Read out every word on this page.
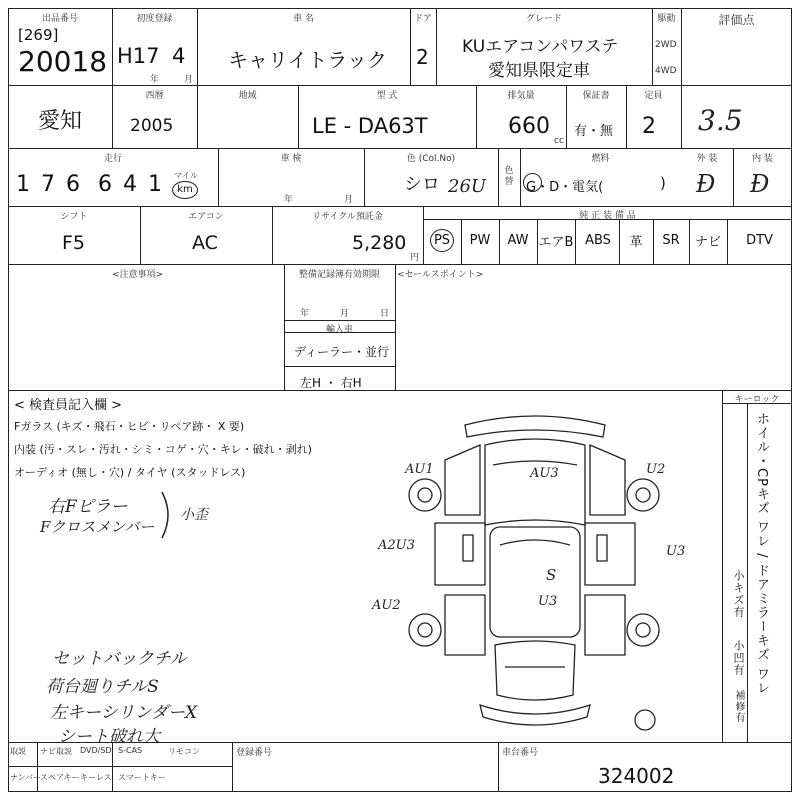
出品番号
[269]
20018
初度登録
H17 4
年	月
車 名
キャリイトラック
ドア
2
グレード
KUエアコンパワステ
愛知県限定車
駆動
2WD
4WD
評価点
3.5
愛知
西暦
2005
地域	型 式
LE - DA63T
排気量
660
cc
保証書
有・無
定員
2
走行
1 7 6 6 4 1 マイル
km
車 検
年	月
色 (Col.No)
シロ 26U
色替
燃料
G・D・電気(	)
外 装	内 装
Ð Ð
シフト
F5
エアコン
AC
リサイクル預託金
5,280
円
純 正 装 備 品
PS	PW	AW エアB ABS	革	SR	ナビ	DTV
<注意事項>	整備記録簿有効期限
年	月	日
輸入車
ディーラー・並行
左H ・ 右H
<セールスポイント>
< 検査員記入欄 >
Fガラス (キズ・飛石・ヒビ・リペア跡・ X 要)
内装 (汚・スレ・汚れ・シミ・コゲ・穴・キレ・破れ・剥れ)
オーディオ (無し・穴) / タイヤ (スタッドレス)
右Fピラー
Fクロスメンバー
小歪
セットバックチル
荷台廻りチルS
左キーシリンダーX
シート破れ大
AU1	AU3	U2
A2U3	U3
S
U3
AU2
キーロック
ホイル・CPキズ ワレ / ドアミラーキズ ワレ
小キズ有
小凹有
補修有
取説 ナビ取説 DVD/SD S-CAS	リモコン
ナンバー
スペアキー キーレス スマートキー
登録番号	車台番号
324002
